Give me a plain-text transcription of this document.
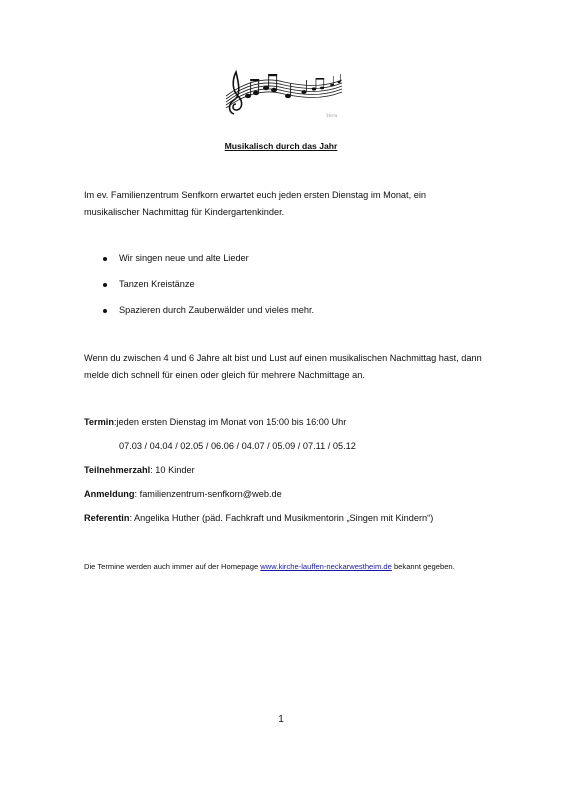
Vera
Musikalisch durch das Jahr
Im ev. Familienzentrum Senfkorn erwartet euch jeden ersten Dienstag im Monat, ein musikalischer Nachmittag für Kindergartenkinder.
Wir singen neue und alte Lieder
Tanzen Kreistänze
Spazieren durch Zauberwälder und vieles mehr.
Wenn du zwischen 4 und 6 Jahre alt bist und Lust auf einen musikalischen Nachmittag hast, dann melde dich schnell für einen oder gleich für mehrere Nachmittage an.
Termin:jeden ersten Dienstag im Monat von 15:00 bis 16:00 Uhr
07.03 / 04.04 / 02.05 / 06.06 / 04.07 / 05.09 / 07.11 / 05.12
Teilnehmerzahl: 10 Kinder
Anmeldung: familienzentrum-senfkorn@web.de
Referentin: Angelika Huther (päd. Fachkraft und Musikmentorin „Singen mit Kindern“)
Die Termine werden auch immer auf der Homepage www.kirche-lauffen-neckarwestheim.de bekannt gegeben.
1
